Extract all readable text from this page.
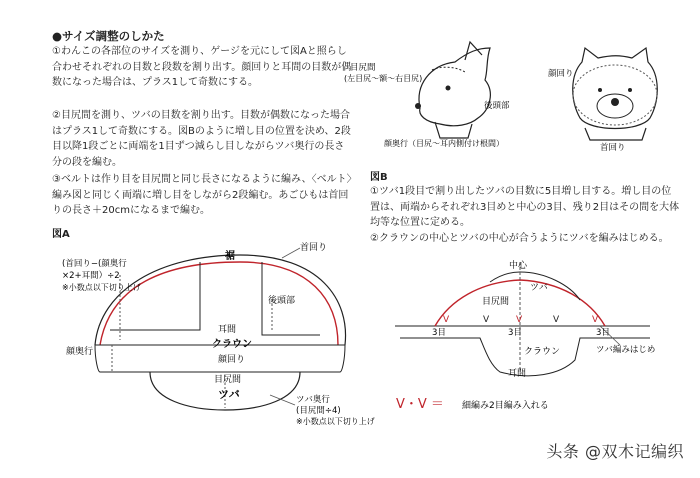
●サイズ調整のしかた
①わんこの各部位のサイズを測り、ゲージを元にして図Aと照らし合わせそれぞれの目数と段数を割り出す。顔回りと耳間の目数が偶数になった場合は、プラス1して奇数にする。
②目尻間を測り、ツバの目数を割り出す。目数が偶数になった場合はプラス1して奇数にする。図Bのように増し目の位置を決め、2段目以降1段ごとに両端を1目ずつ減らし目しながらツバ奥行の長さ分の段を編む。
③ベルトは作り目を目尻間と同じ長さになるように編み、〈ベルト〉編み図と同じく両端に増し目をしながら2段編む。あごひもは首回りの長さ＋20cmになるまで編む。
図A
裾
首回り
(首回り−(顔奥行
×2+耳間）÷2
※小数点以下切り上げ
後頭部
耳間
クラウン
顔奥行
顔回り
目尻間
ツバ	ツバ奥行
(目尻間÷4)
※小数点以下切り上げ
目尻間
(左目尻〜額〜右目尻)
後頭部
顔奥行（目尻〜耳内側付け根間）
顔回り
首回り
V	V	V	V	V
中心
ツバ
目尻間
3目	3目
3目
クラウン
耳間
ツバ編みはじめ
V・V ＝ 細編み2目編み入れる
図B
①ツバ1段目で割り出したツバの目数に5目増し目する。増し目の位置は、両端からそれぞれ3目めと中心の3目、残り2目はその間を大体均等な位置に定める。
②クラウンの中心とツバの中心が合うようにツバを編みはじめる。
头条 @双木记编织
